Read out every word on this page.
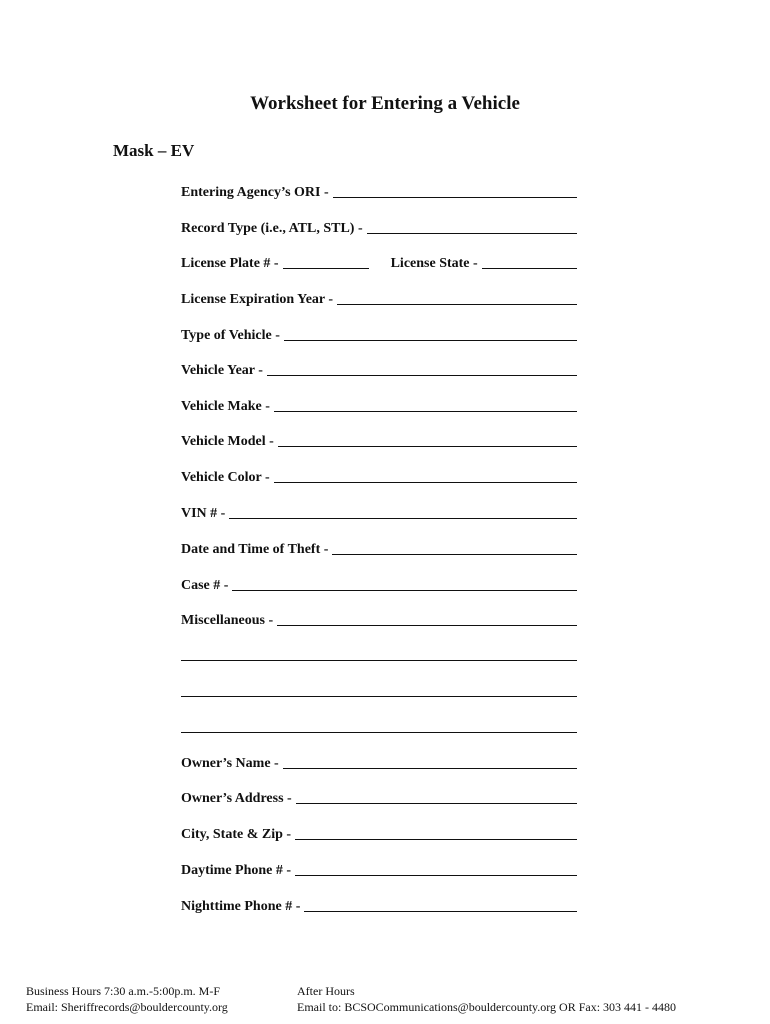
Worksheet for Entering a Vehicle
Mask – EV
Entering Agency’s ORI -
Record Type (i.e., ATL, STL) -
License Plate # -	License State -
License Expiration Year -
Type of Vehicle -
Vehicle Year -
Vehicle Make -
Vehicle Model -
Vehicle Color -
VIN # -
Date and Time of Theft -
Case # -
Miscellaneous -
Owner’s Name -
Owner’s Address -
City, State & Zip -
Daytime Phone # -
Nighttime Phone # -
Business Hours 7:30 a.m.-5:00p.m. M-F
Email: Sheriffrecords@bouldercounty.org
After Hours
Email to: BCSOCommunications@bouldercounty.org OR Fax: 303 441 - 4480
